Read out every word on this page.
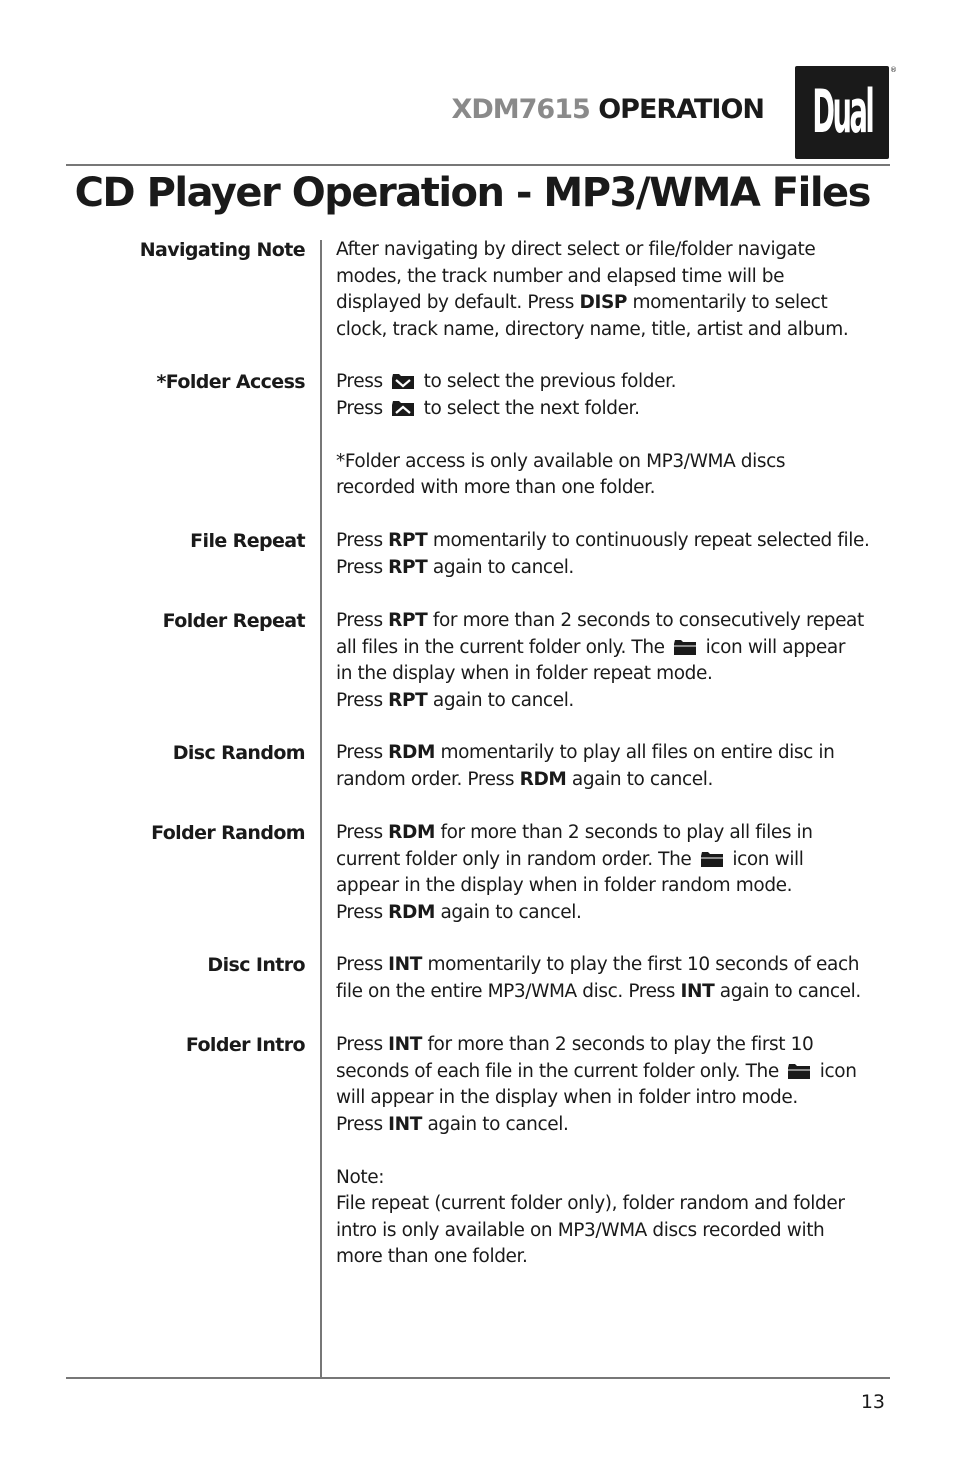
XDM7615 OPERATION Dual
®
CD Player Operation - MP3/WMA Files
Navigating Note After navigating by direct select or file/folder navigate
modes, the track number and elapsed time will be
displayed by default. Press DISP momentarily to select
clock, track name, directory name, title, artist and album.
*Folder Access Press  to select the previous folder.
Press  to select the next folder.
*Folder access is only available on MP3/WMA discs
recorded with more than one folder.
File Repeat Press RPT momentarily to continuously repeat selected file.
Press RPT again to cancel.
Folder Repeat Press RPT for more than 2 seconds to consecutively repeat
all files in the current folder only. The  icon will appear
in the display when in folder repeat mode.
Press RPT again to cancel.
Disc Random Press RDM momentarily to play all files on entire disc in
random order. Press RDM again to cancel.
Folder Random Press RDM for more than 2 seconds to play all files in
current folder only in random order. The  icon will
appear in the display when in folder random mode.
Press RDM again to cancel.
Disc Intro Press INT momentarily to play the first 10 seconds of each
file on the entire MP3/WMA disc. Press INT again to cancel.
Folder Intro Press INT for more than 2 seconds to play the first 10
seconds of each file in the current folder only. The  icon
will appear in the display when in folder intro mode.
Press INT again to cancel.
Note:
File repeat (current folder only), folder random and folder
intro is only available on MP3/WMA discs recorded with
more than one folder.
13
